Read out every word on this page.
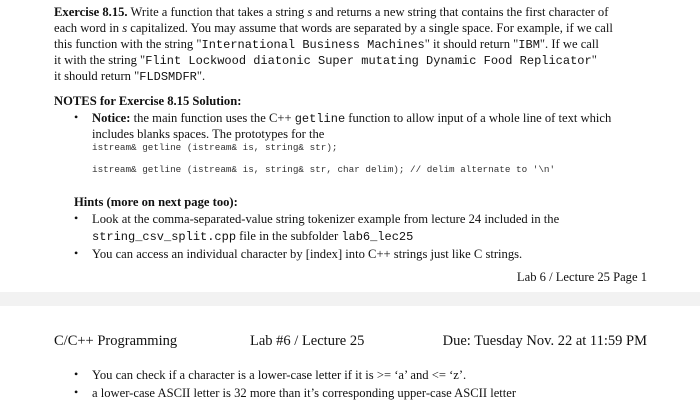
Exercise 8.15. Write a function that takes a string s and returns a new string that contains the first character of
each word in s capitalized. You may assume that words are separated by a single space. For example, if we call
this function with the string "International Business Machines" it should return "IBM". If we call
it with the string "Flint Lockwood diatonic Super mutating Dynamic Food Replicator"
it should return "FLDSMDFR".
NOTES for Exercise 8.15 Solution:
• Notice: the main function uses the C++ getline function to allow input of a whole line of text which
includes blanks spaces. The prototypes for the
istream& getline (istream& is, string& str);
istream& getline (istream& is, string& str, char delim); // delim alternate to '\n'
Hints (more on next page too):
• Look at the comma-separated-value string tokenizer example from lecture 24 included in the
string_csv_split.cpp file in the subfolder lab6_lec25
• You can access an individual character by [index] into C++ strings just like C strings.
Lab 6 / Lecture 25 Page 1
C/C++ Programming	Lab #6 / Lecture 25	Due: Tuesday Nov. 22 at 11:59 PM
• You can check if a character is a lower-case letter if it is >= ‘a’ and <= ‘z’.
• a lower-case ASCII letter is 32 more than it’s corresponding upper-case ASCII letter
